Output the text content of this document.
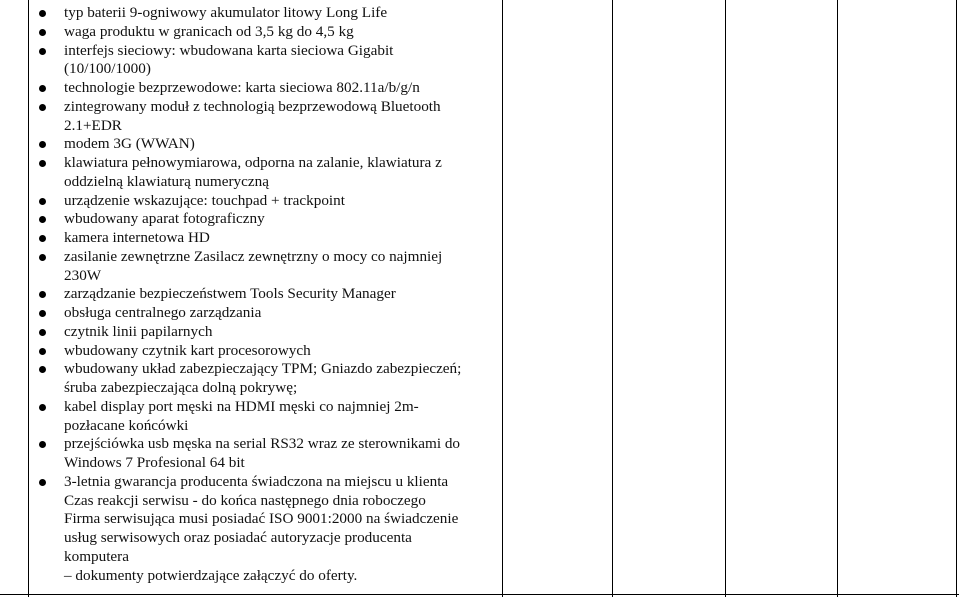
typ baterii 9-ogniwowy akumulator litowy Long Life
waga produktu w granicach od 3,5 kg do 4,5 kg
interfejs sieciowy: wbudowana karta sieciowa Gigabit
(10/100/1000)
technologie bezprzewodowe: karta sieciowa 802.11a/b/g/n
zintegrowany moduł z technologią bezprzewodową Bluetooth
2.1+EDR
modem 3G (WWAN)
klawiatura pełnowymiarowa, odporna na zalanie, klawiatura z
oddzielną klawiaturą numeryczną
urządzenie wskazujące: touchpad + trackpoint
wbudowany aparat fotograficzny
kamera internetowa HD
zasilanie zewnętrzne Zasilacz zewnętrzny o mocy co najmniej
230W
zarządzanie bezpieczeństwem Tools Security Manager
obsługa centralnego zarządzania
czytnik linii papilarnych
wbudowany czytnik kart procesorowych
wbudowany układ zabezpieczający TPM; Gniazdo zabezpieczeń;
śruba zabezpieczająca dolną pokrywę;
kabel display port męski na HDMI męski co najmniej 2m-
pozłacane końcówki
przejściówka usb męska na serial RS32 wraz ze sterownikami do
Windows 7 Profesional 64 bit
3-letnia gwarancja producenta świadczona na miejscu u klienta
Czas reakcji serwisu - do końca następnego dnia roboczego
Firma serwisująca musi posiadać ISO 9001:2000 na świadczenie
usług serwisowych oraz posiadać autoryzacje producenta
komputera
– dokumenty potwierdzające załączyć do oferty.
